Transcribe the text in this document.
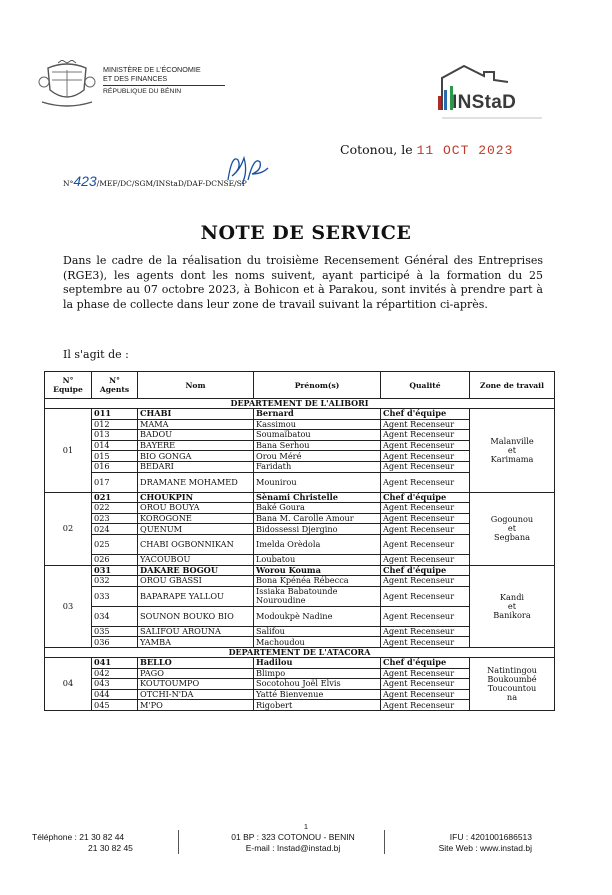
MINISTÈRE DE L'ÉCONOMIE
ET DES FINANCES
RÉPUBLIQUE DU BÉNIN
INStaD
Cotonou, le 11 OCT 2023
N°423/MEF/DC/SGM/INStaD/DAF-DCNSE/SP
NOTE DE SERVICE
Dans le cadre de la réalisation du troisième Recensement Général des Entreprises (RGE3), les agents dont les noms suivent, ayant participé à la formation du 25 septembre au 07 octobre 2023, à Bohicon et à Parakou, sont invités à prendre part à la phase de collecte dans leur zone de travail suivant la répartition ci-après.
Il s'agit de :
N° Equipe	N° Agents	Nom	Prénom(s)	Qualité	Zone de travail
DEPARTEMENT DE L'ALIBORI					
01	011	CHABI	Bernard	Chef d'équipe	Malanville
et
Karimama

	012	MAMA	Kassimou	Agent Recenseur	
	013	BADOU	Soumaïbatou	Agent Recenseur	
	014	BAYERE	Bana Serhou	Agent Recenseur	
	015	BIO GONGA	Orou Méré	Agent Recenseur	
	016	BEDARI	Faridath	Agent Recenseur	
	017	DRAMANE MOHAMED	Mounirou	Agent Recenseur	
02	021	CHOUKPIN	Sènami Christelle	Chef d'équipe	Gogounou
et
Segbana

	022	OROU BOUYA	Baké Goura	Agent Recenseur	
	023	KOROGONE	Bana M. Carolle Amour	Agent Recenseur	
	024	QUENUM	Bidossessi Djergino	Agent Recenseur	
	025	CHABI OGBONNIKAN	Imelda Orèdola	Agent Recenseur	
	026	YACOUBOU	Loubatou	Agent Recenseur	
03	031	DAKARE BOGOU	Worou Kouma	Chef d'équipe	Kandi
et
Banikora

	032	OROU GBASSI	Bona Kpénéa Rébecca	Agent Recenseur	
	033	BAPARAPE YALLOU	Issiaka Babatounde Nouroudine	Agent Recenseur	
	034	SOUNON BOUKO BIO	Modoukpè Nadine	Agent Recenseur	
	035	SALIFOU AROUNA	Salifou	Agent Recenseur	
	036	YAMBA	Machoudou	Agent Recenseur	
DEPARTEMENT DE L'ATACORA					
04	041	BELLO	Hadilou	Chef d'équipe	Natintingou
Boukoumbé
Toucountou
na

	042	PAGO	Blimpo	Agent Recenseur	
	043	KOUTOUMPO	Socotohou Joël Elvis	Agent Recenseur	
	044	OTCHI-N'DA	Yatté Bienvenue	Agent Recenseur	
	045	M'PO	Rigobert	Agent Recenseur	
1
Téléphone : 21 30 82 44
21 30 82 45
01 BP : 323 COTONOU - BENIN
E-mail : Instad@instad.bj
IFU : 4201001686513
Site Web : www.instad.bj
